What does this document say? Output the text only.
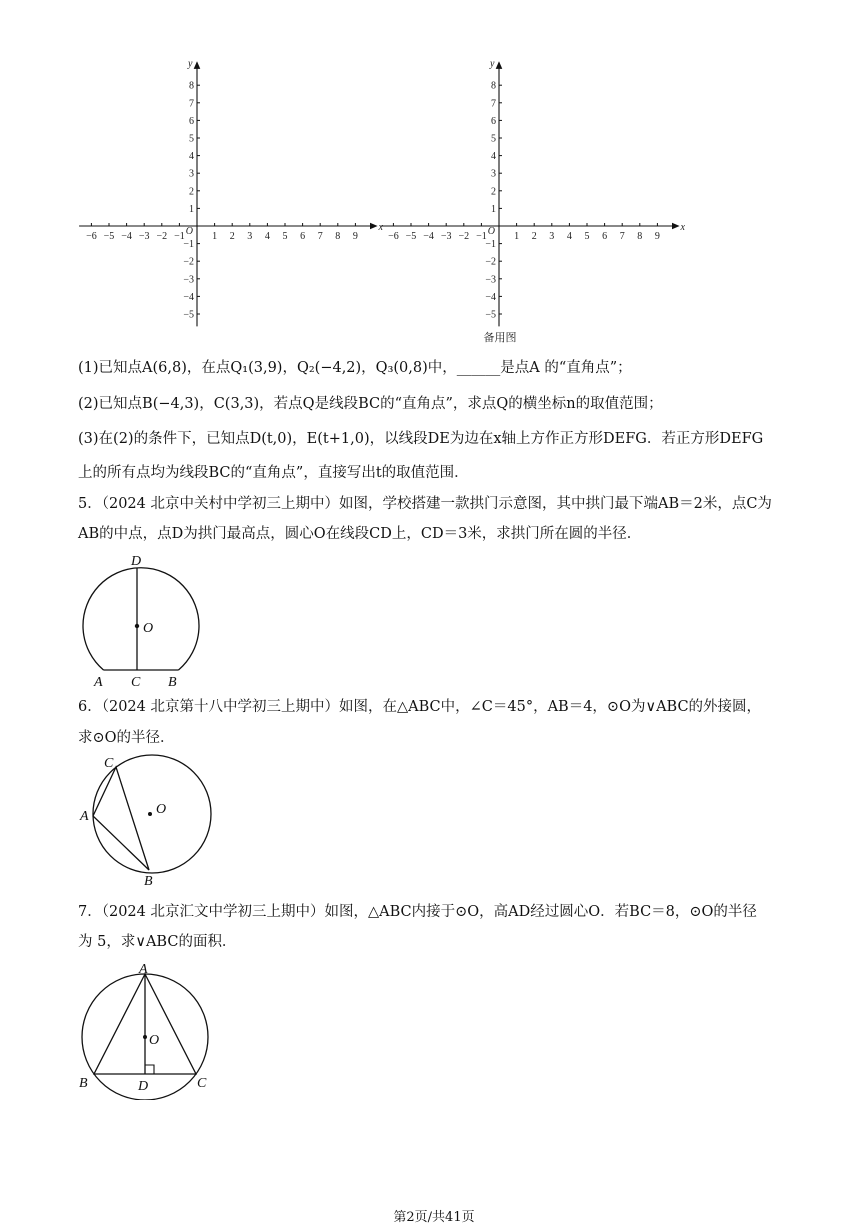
−6 −5 −4 −3 −2 −1	1 2 3 4 5 6 7 8 9
1
2
3
4
5
6
7
8
−1
−2
−3
−4
−5
O	x
y
−6 −5 −4 −3 −2 −1	1 2 3 4 5 6 7 8 9
1
2
3
4
5
6
7
8
−1
−2
−3
−4
−5
O	x
y
备用图
(1)已知点A(6,8)，在点Q₁(3,9)，Q₂(−4,2)，Q₃(0,8)中，______是点A 的“直角点”；
(2)已知点B(−4,3)，C(3,3)，若点Q是线段BC的“直角点”，求点Q的横坐标n的取值范围；
(3)在(2)的条件下，已知点D(t,0)，E(t+1,0)，以线段DE为边在x轴上方作正方形DEFG．若正方形DEFG
上的所有点均为线段BC的“直角点”，直接写出t的取值范围．
5．（2024 北京中关村中学初三上期中）如图，学校搭建一款拱门示意图，其中拱门最下端AB＝2米，点C为
AB的中点，点D为拱门最高点，圆心O在线段CD上，CD＝3米，求拱门所在圆的半径．
D
O
A C B
6．（2024 北京第十八中学初三上期中）如图，在△ABC中，∠C＝45°，AB＝4，⊙O为∨ABC的外接圆，
求⊙O的半径．
C
A
B
O
7．（2024 北京汇文中学初三上期中）如图，△ABC内接于⊙O，高AD经过圆心O．若BC＝8，⊙O的半径
为 5，求∨ABC的面积．
A
O
B	D	C
第2页/共41页
